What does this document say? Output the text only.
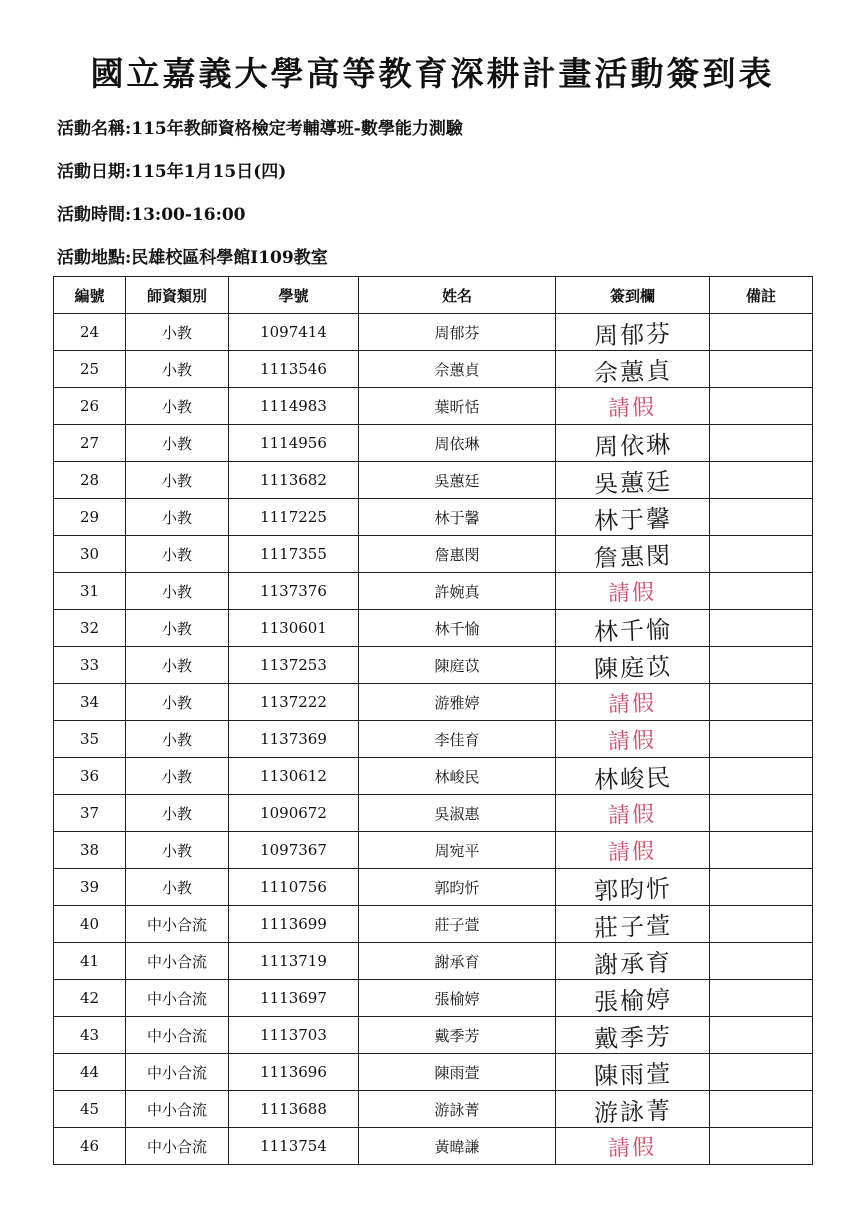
國立嘉義大學高等教育深耕計畫活動簽到表
活動名稱:115年教師資格檢定考輔導班-數學能力測驗
活動日期:115年1月15日(四)
活動時間:13:00-16:00
活動地點:民雄校區科學館I109教室
編號	師資類別	學號	姓名	簽到欄	備註
24	小教	1097414	周郁芬	周郁芬	
25	小教	1113546	佘蕙貞	佘蕙貞	
26	小教	1114983	葉昕恬	請假	
27	小教	1114956	周依琳	周依琳	
28	小教	1113682	吳蕙廷	吳蕙廷	
29	小教	1117225	林于馨	林于馨	
30	小教	1117355	詹惠閔	詹惠閔	
31	小教	1137376	許婉真	請假	
32	小教	1130601	林千愉	林千愉	
33	小教	1137253	陳庭苡	陳庭苡	
34	小教	1137222	游雅婷	請假	
35	小教	1137369	李佳育	請假	
36	小教	1130612	林峻民	林峻民	
37	小教	1090672	吳淑惠	請假	
38	小教	1097367	周宛平	請假	
39	小教	1110756	郭昀忻	郭昀忻	
40	中小合流	1113699	莊子萱	莊子萱	
41	中小合流	1113719	謝承育	謝承育	
42	中小合流	1113697	張榆婷	張榆婷	
43	中小合流	1113703	戴季芳	戴季芳	
44	中小合流	1113696	陳雨萱	陳雨萱	
45	中小合流	1113688	游詠菁	游詠菁	
46	中小合流	1113754	黃暐謙	請假	
